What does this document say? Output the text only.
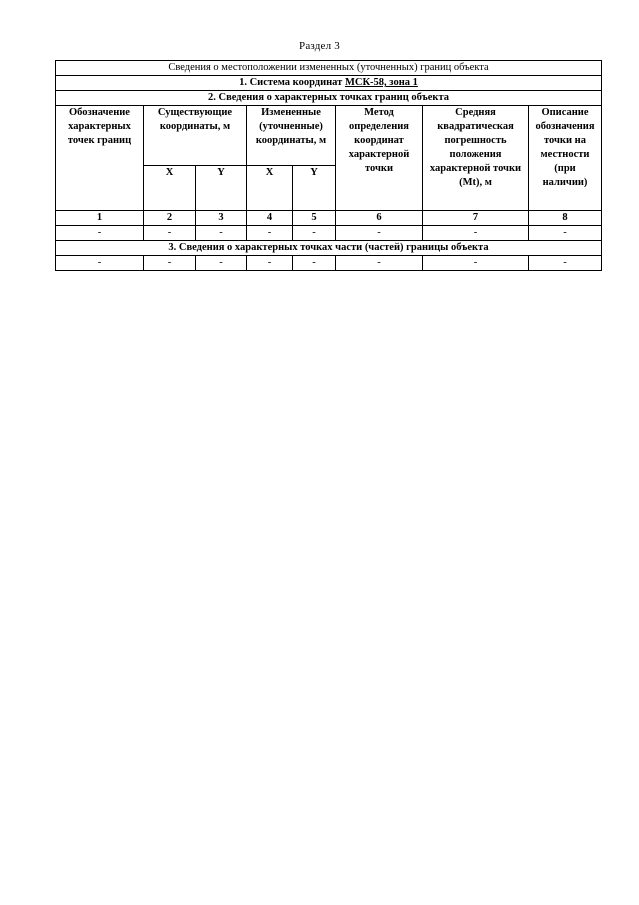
Раздел 3
Сведения о местоположении измененных (уточненных) границ объекта							
1. Система координат МСК-58, зона 1							
2. Сведения о характерных точках границ объекта							
Обозначение характерных точек границ	Существующие координаты, м		Измененные (уточненные) координаты, м		Метод определения координат характерной точки	Средняя квадратическая погрешность положения характерной точки (Mt), м	Описание обозначения точки на местности (при наличии)
	X	Y	X	Y			
1	2	3	4	5	6	7	8
-	-	-	-	-	-	-	-
3. Сведения о характерных точках части (частей) границы объекта							
-	-	-	-	-	-	-	-
